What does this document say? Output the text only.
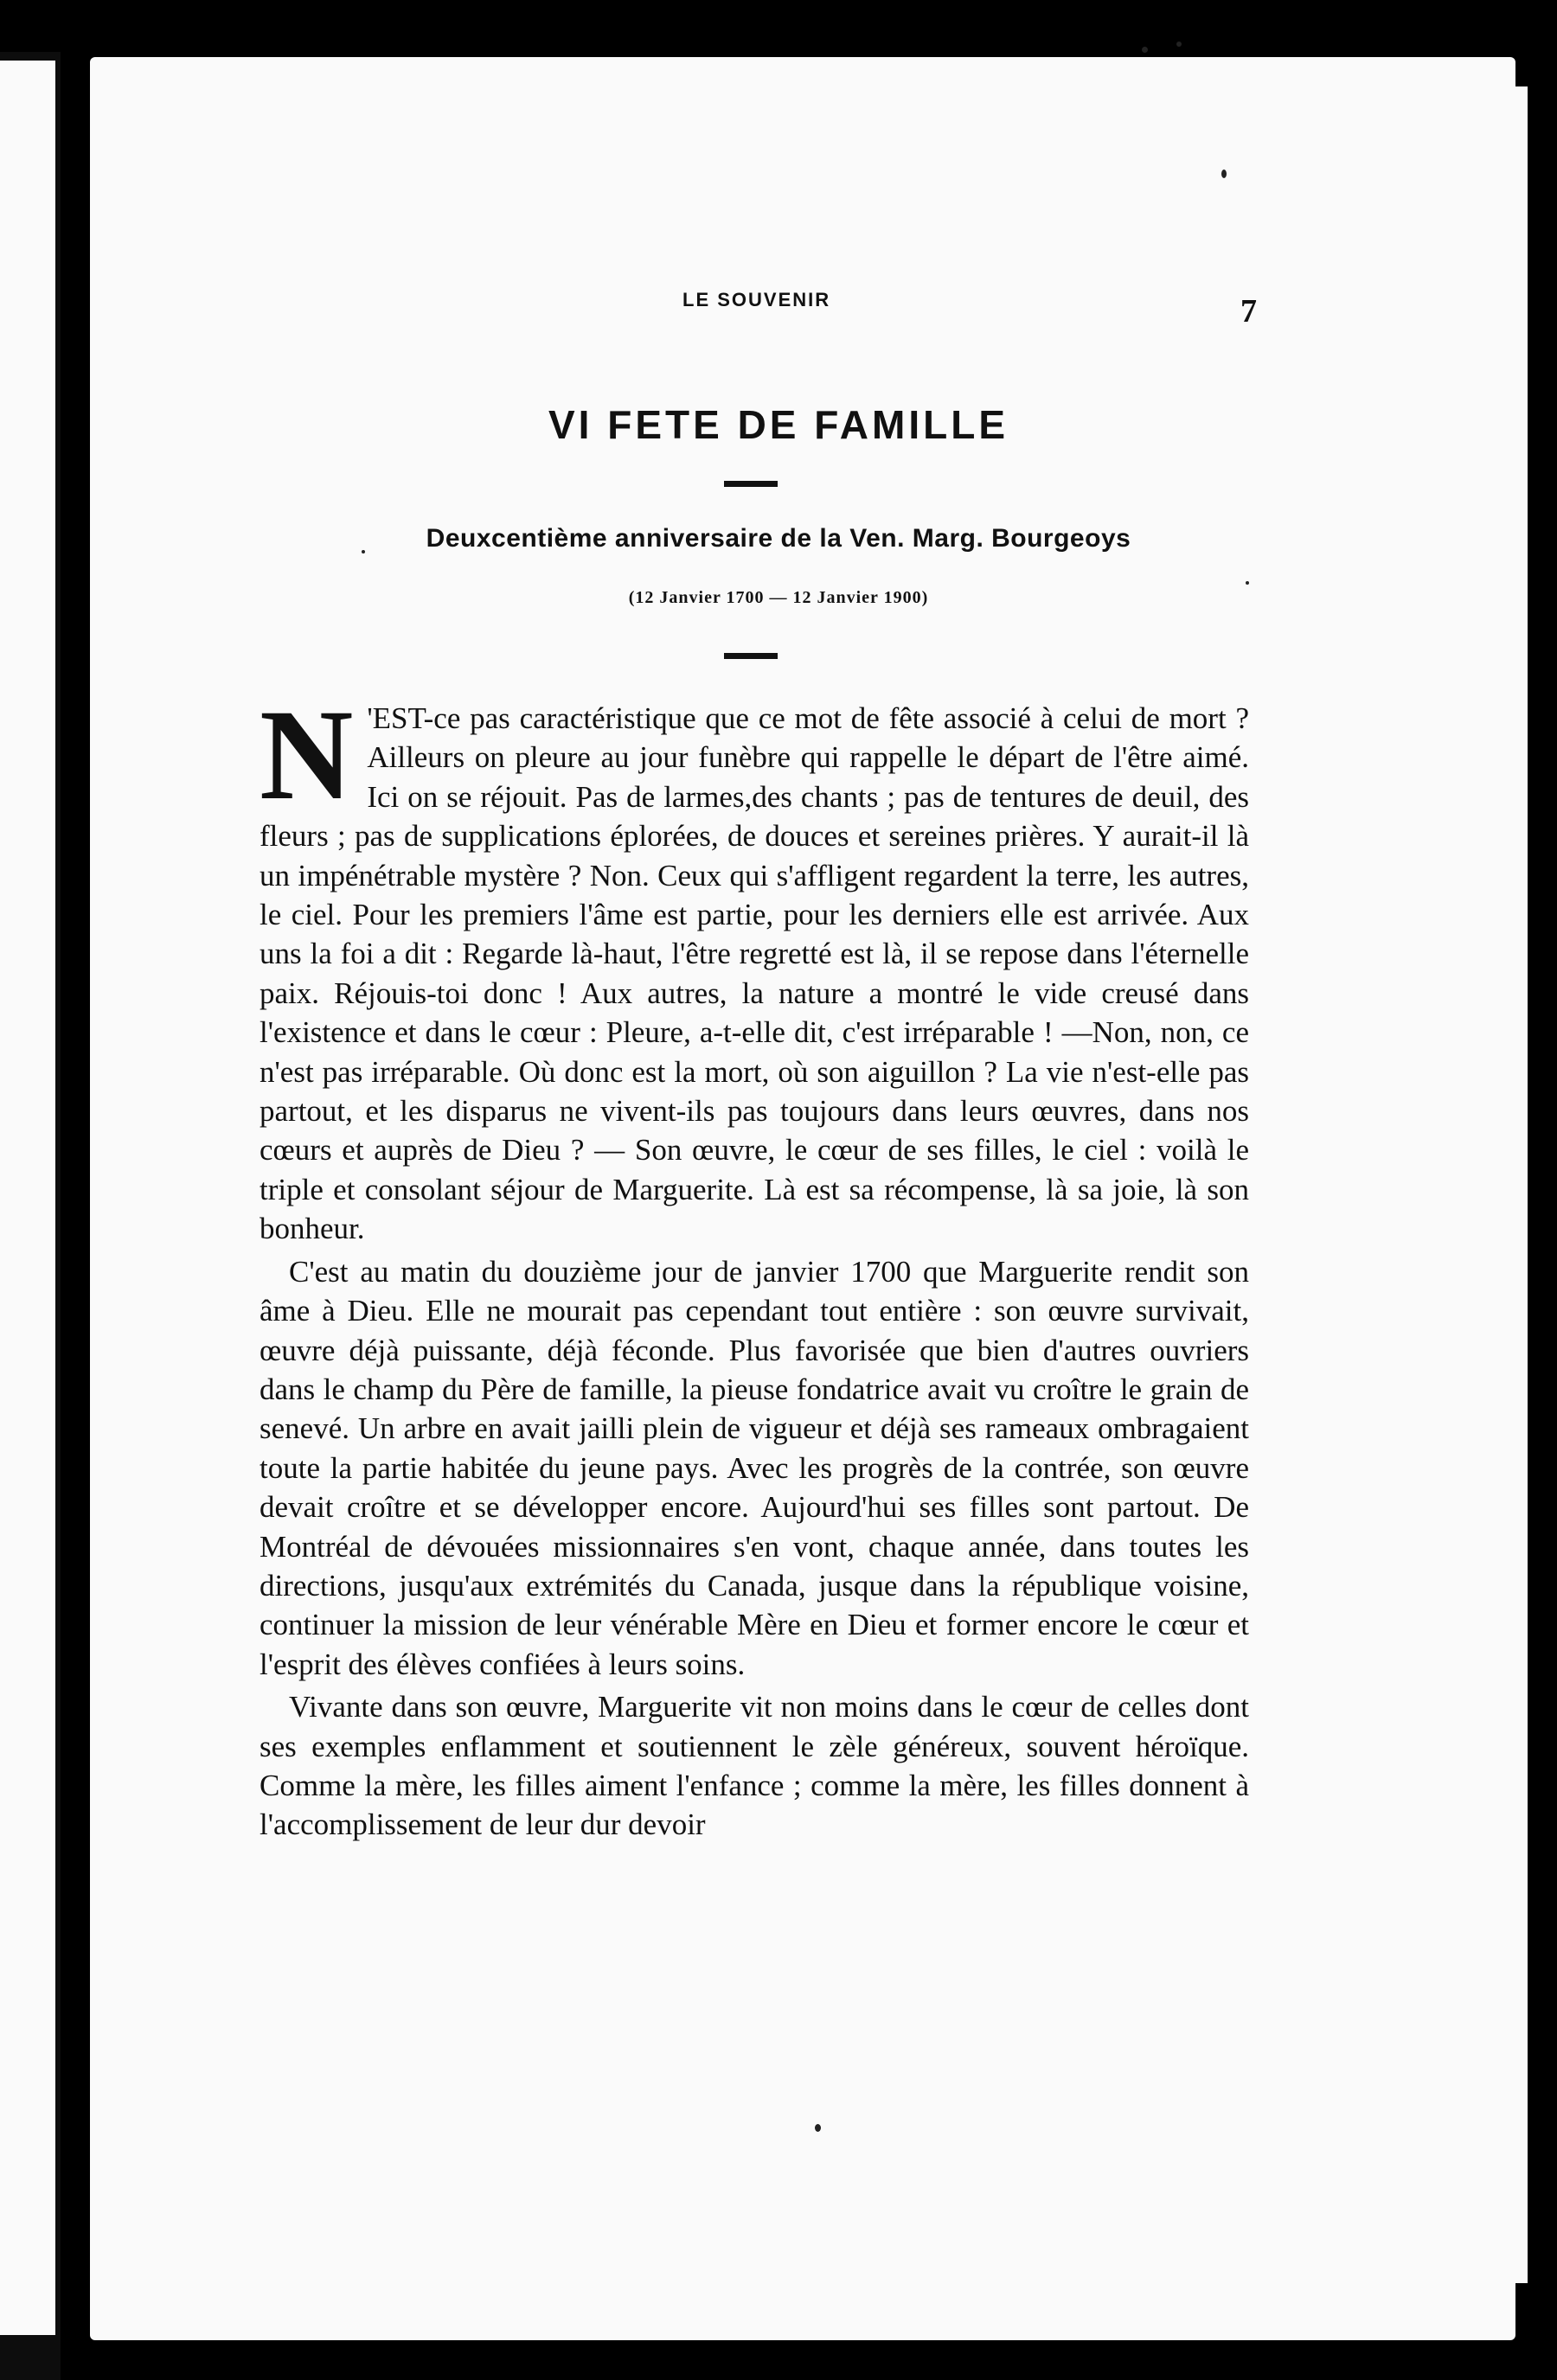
LE SOUVENIR	7
VI FETE DE FAMILLE
Deuxcentième anniversaire de la Ven. Marg. Bourgeoys
(12 Janvier 1700 — 12 Janvier 1900)

N 'EST-ce pas caractéristique que ce mot de fête associé à celui de mort ? Ailleurs on pleure au jour funèbre qui rappelle le départ de l'être aimé. Ici on se réjouit. Pas de larmes,des chants ; pas de tentures de deuil, des fleurs ; pas de supplications éplorées, de douces et sereines prières. Y aurait-il là un impénétrable mystère ? Non. Ceux qui s'affligent regardent la terre, les autres, le ciel. Pour les premiers l'âme est partie, pour les derniers elle est arrivée. Aux uns la foi a dit : Regarde là-haut, l'être regretté est là, il se repose dans l'éternelle paix. Réjouis-toi donc ! Aux autres, la nature a montré le vide creusé dans l'existence et dans le cœur : Pleure, a-t-elle dit, c'est irréparable ! —Non, non, ce n'est pas irréparable. Où donc est la mort, où son aiguillon ? La vie n'est-elle pas partout, et les disparus ne vivent-ils pas toujours dans leurs œuvres, dans nos cœurs et auprès de Dieu ? — Son œuvre, le cœur de ses filles, le ciel : voilà le triple et consolant séjour de Marguerite. Là est sa récompense, là sa joie, là son bonheur.

C'est au matin du douzième jour de janvier 1700 que Marguerite rendit son âme à Dieu. Elle ne mourait pas cependant tout entière : son œuvre survivait, œuvre déjà puissante, déjà féconde. Plus favorisée que bien d'autres ouvriers dans le champ du Père de famille, la pieuse fondatrice avait vu croître le grain de senevé. Un arbre en avait jailli plein de vigueur et déjà ses rameaux ombragaient toute la partie habitée du jeune pays. Avec les progrès de la contrée, son œuvre devait croître et se développer encore. Aujourd'hui ses filles sont partout. De Montréal de dévouées missionnaires s'en vont, chaque année, dans toutes les directions, jusqu'aux extrémités du Canada, jusque dans la république voisine, continuer la mission de leur vénérable Mère en Dieu et former encore le cœur et l'esprit des élèves confiées à leurs soins.

Vivante dans son œuvre, Marguerite vit non moins dans le cœur de celles dont ses exemples enflamment et soutiennent le zèle généreux, souvent héroïque. Comme la mère, les filles aiment l'enfance ; comme la mère, les filles donnent à l'accomplissement de leur dur devoir
